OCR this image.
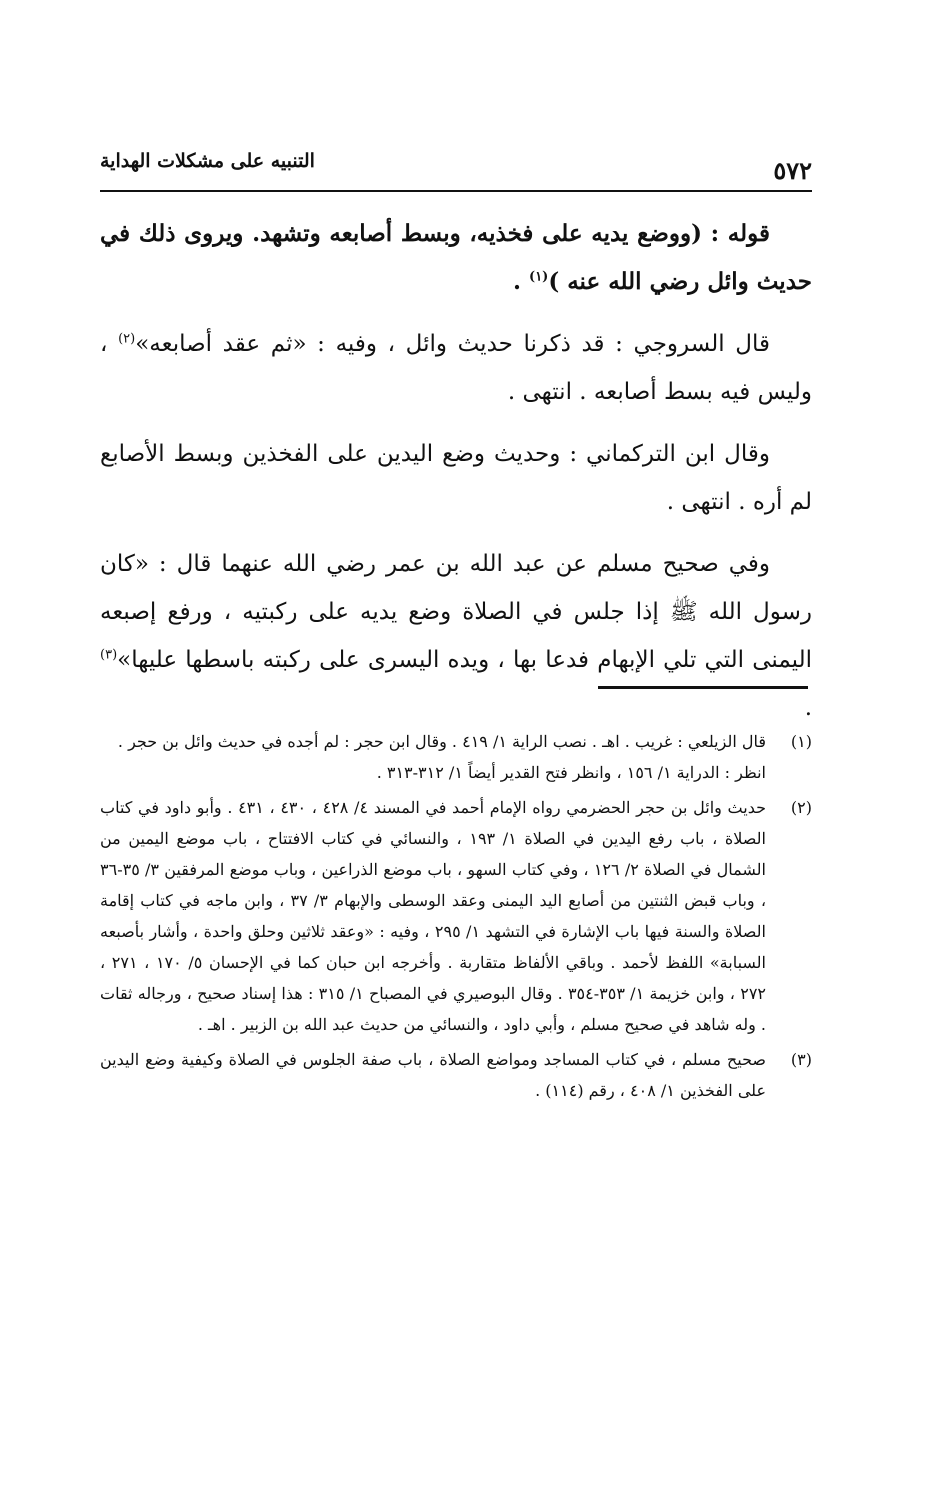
٥٧٢
التنبيه على مشكلات الهداية

قوله : (ووضع يديه على فخذيه، وبسط أصابعه وتشهد. ويروى ذلك في حديث وائل رضي الله عنه )$^{(١)}$ .

قال السروجي : قد ذكرنا حديث وائل ، وفيه : «ثم عقد أصابعه»$^{(٢)}$ ، وليس فيه بسط أصابعه . انتهى .

وقال ابن التركماني : وحديث وضع اليدين على الفخذين وبسط الأصابع لم أره . انتهى .

وفي صحيح مسلم عن عبد الله بن عمر رضي الله عنهما قال : «كان رسول الله ﷺ إذا جلس في الصلاة وضع يديه على ركبتيه ، ورفع إصبعه اليمنى التي تلي الإبهام فدعا بها ، ويده اليسرى على ركبته باسطها عليها»$^{(٣)}$ .

(١)
قال الزيلعي : غريب . اهـ . نصب الراية ١/ ٤١٩ . وقال ابن حجر : لم أجده في حديث وائل بن حجر .
انظر : الدراية ١/ ١٥٦ ، وانظر فتح القدير أيضاً ١/ ٣١٢-٣١٣ .
(٢)
حديث وائل بن حجر الحضرمي رواه الإمام أحمد في المسند ٤/ ٤٢٨ ، ٤٣٠ ، ٤٣١ . وأبو داود في كتاب الصلاة ، باب رفع اليدين في الصلاة ١/ ١٩٣ ، والنسائي في كتاب الافتتاح ، باب موضع اليمين من الشمال في الصلاة ٢/ ١٢٦ ، وفي كتاب السهو ، باب موضع الذراعين ، وباب موضع المرفقين ٣/ ٣٥-٣٦ ، وباب قبض الثنتين من أصابع اليد اليمنى وعقد الوسطى والإبهام ٣/ ٣٧ ، وابن ماجه في كتاب إقامة الصلاة والسنة فيها باب الإشارة في التشهد ١/ ٢٩٥ ، وفيه : «وعقد ثلاثين وحلق واحدة ، وأشار بأصبعه السبابة» اللفظ لأحمد . وباقي الألفاظ متقاربة . وأخرجه ابن حبان كما في الإحسان ٥/ ١٧٠ ، ٢٧١ ، ٢٧٢ ، وابن خزيمة ١/ ٣٥٣-٣٥٤ . وقال البوصيري في المصباح ١/ ٣١٥ : هذا إسناد صحيح ، ورجاله ثقات . وله شاهد في صحيح مسلم ، وأبي داود ، والنسائي من حديث عبد الله بن الزبير . اهـ .
(٣)
صحيح مسلم ، في كتاب المساجد ومواضع الصلاة ، باب صفة الجلوس في الصلاة وكيفية وضع اليدين على الفخذين ١/ ٤٠٨ ، رقم (١١٤) .
